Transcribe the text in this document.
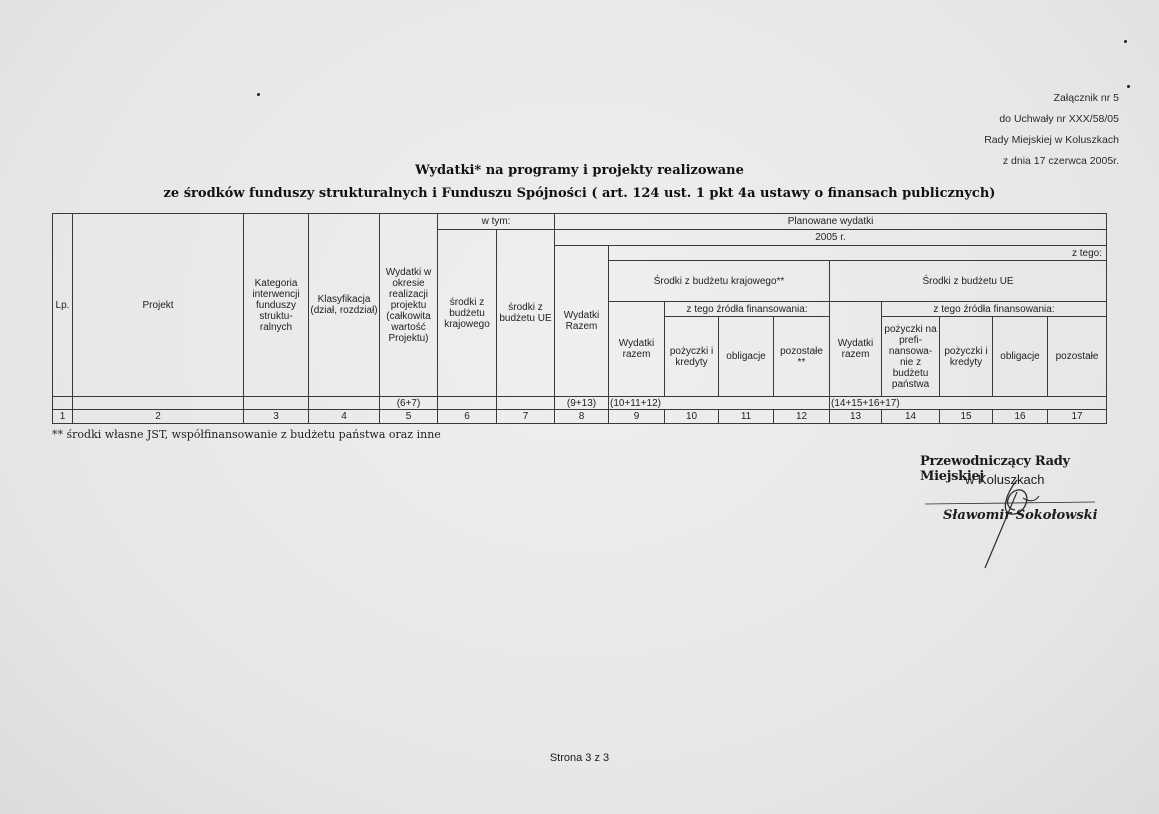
Załącznik nr 5
do Uchwały nr XXX/58/05
Rady Miejskiej w Koluszkach
z dnia 17 czerwca 2005r.
Wydatki* na programy i projekty realizowane
ze środków funduszy strukturalnych i Funduszu Spójności ( art. 124 ust. 1 pkt 4a ustawy o finansach publicznych)
Lp.	Projekt	Kategoria interwencji funduszy struktu-ralnych	Klasyfikacja (dział, rozdział)	Wydatki w okresie realizacji projektu (całkowita wartość Projektu)	w tym:		Planowane wydatki									
					środki z budżetu krajowego	środki z budżetu UE	2005 r.									
							Wydatki Razem	z tego:								
								Środki z budżetu krajowego**				Środki z budżetu UE				
								Wydatki razem	z tego źródła finansowania:			Wydatki razem	z tego źródła finansowania:			
									pożyczki i kredyty	obligacje	pozostałe **		pożyczki na prefi-nansowa-nie z budżetu państwa	pożyczki i kredyty	obligacje	pozostałe
				(6+7)			(9+13)	(10+11+12)				(14+15+16+17)				
1	2	3	4	5	6	7	8	9	10	11	12	13	14	15	16	17
** środki własne JST, współfinansowanie z budżetu państwa oraz inne
Przewodniczący Rady Miejskiej
w Koluszkach
Sławomir Sokołowski
Strona 3 z 3
